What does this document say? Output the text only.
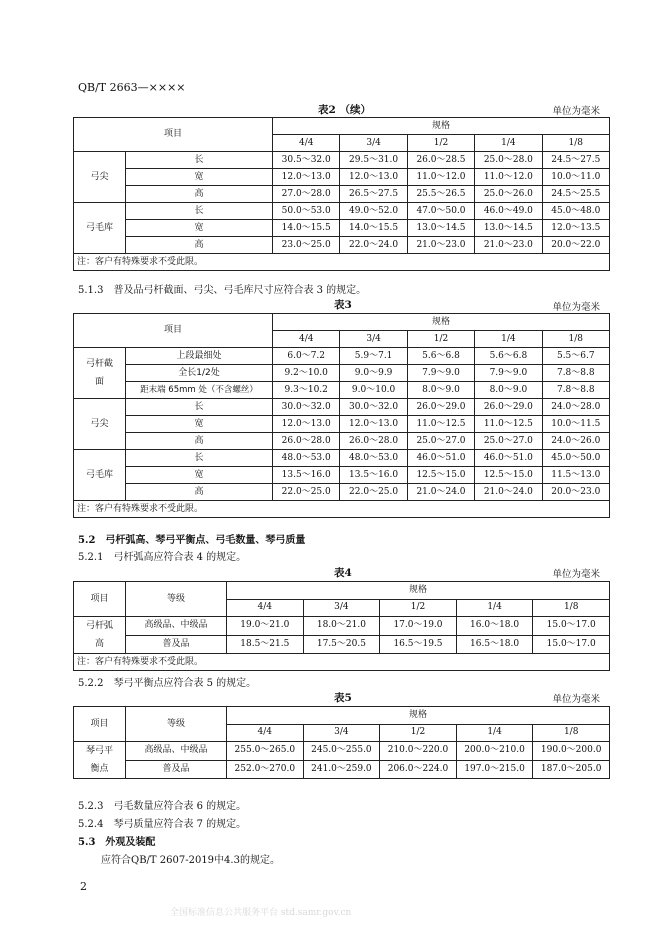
QB/T 2663—××××
表2 （续）	单位为毫米
项目		规格				
		4/4	3/4	1/2	1/4	1/8
弓尖	长	30.5～32.0	29.5～31.0	26.0～28.5	25.0～28.0	24.5～27.5
	宽	12.0～13.0	12.0～13.0	11.0～12.0	11.0～12.0	10.0～11.0
	高	27.0～28.0	26.5～27.5	25.5～26.5	25.0～26.0	24.5～25.5
弓毛库	长	50.0～53.0	49.0～52.0	47.0～50.0	46.0～49.0	45.0～48.0
	宽	14.0～15.5	14.0～15.5	13.0～14.5	13.0～14.5	12.0～13.5
	高	23.0～25.0	22.0～24.0	21.0～23.0	21.0～23.0	20.0～22.0
注：客户有特殊要求不受此限。						
5.1.3　普及品弓杆截面、弓尖、弓毛库尺寸应符合表 3 的规定。
表3	单位为毫米
项目		规格				
		4/4	3/4	1/2	1/4	1/8
弓杆截面	上段最细处	6.0～7.2	5.9～7.1	5.6～6.8	5.6～6.8	5.5～6.7
	全长1/2处	9.2～10.0	9.0～9.9	7.9～9.0	7.9～9.0	7.8～8.8
	距末端 65mm 处（不含螺丝）	9.3～10.2	9.0～10.0	8.0～9.0	8.0～9.0	7.8～8.8
弓尖	长	30.0～32.0	30.0～32.0	26.0～29.0	26.0～29.0	24.0～28.0
	宽	12.0～13.0	12.0～13.0	11.0～12.5	11.0～12.5	10.0～11.5
	高	26.0～28.0	26.0～28.0	25.0～27.0	25.0～27.0	24.0～26.0
弓毛库	长	48.0～53.0	48.0～53.0	46.0～51.0	46.0～51.0	45.0～50.0
	宽	13.5～16.0	13.5～16.0	12.5～15.0	12.5～15.0	11.5～13.0
	高	22.0～25.0	22.0～25.0	21.0～24.0	21.0～24.0	20.0～23.0
注：客户有特殊要求不受此限。						
5.2　弓杆弧高、琴弓平衡点、弓毛数量、琴弓质量
5.2.1　弓杆弧高应符合表 4 的规定。
表4	单位为毫米
项目	等级	规格				
		4/4	3/4	1/2	1/4	1/8
弓杆弧高	高级品、中级品	19.0～21.0	18.0～21.0	17.0～19.0	16.0～18.0	15.0～17.0
	普及品	18.5～21.5	17.5～20.5	16.5～19.5	16.5～18.0	15.0～17.0
注：客户有特殊要求不受此限。						
5.2.2　琴弓平衡点应符合表 5 的规定。
表5	单位为毫米
项目	等级	规格				
		4/4	3/4	1/2	1/4	1/8
琴弓平衡点	高级品、中级品	255.0～265.0	245.0～255.0	210.0～220.0	200.0～210.0	190.0～200.0
	普及品	252.0～270.0	241.0～259.0	206.0～224.0	197.0～215.0	187.0～205.0
5.2.3　弓毛数量应符合表 6 的规定。
5.2.4　琴弓质量应符合表 7 的规定。
5.3　外观及装配
应符合QB/T 2607-2019中4.3的规定。
2
全国标准信息公共服务平台 std.samr.gov.cn
